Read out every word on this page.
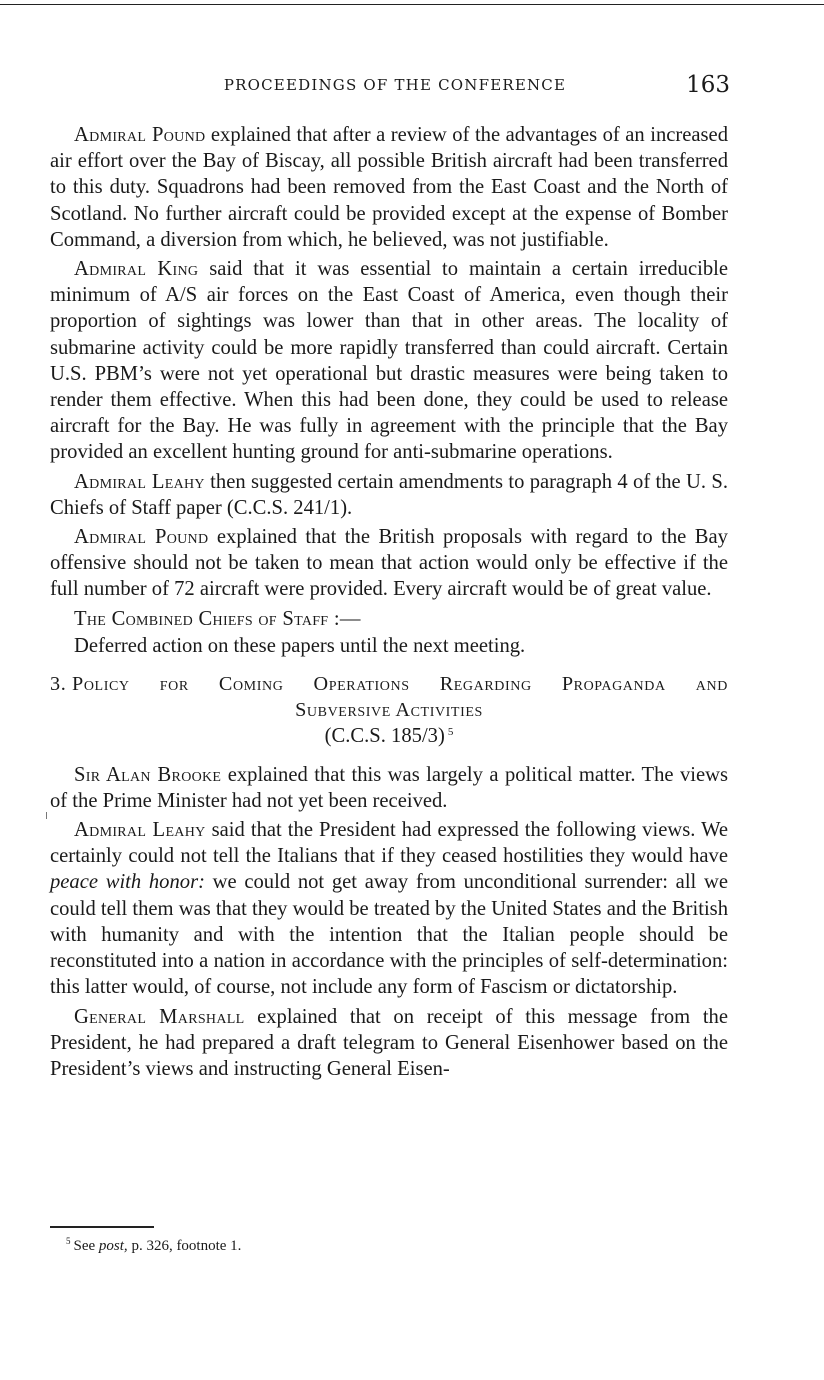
PROCEEDINGS OF THE CONFERENCE	163

Admiral Pound explained that after a review of the advantages of an increased air effort over the Bay of Biscay, all possible British aircraft had been transferred to this duty. Squadrons had been removed from the East Coast and the North of Scotland. No further aircraft could be provided except at the expense of Bomber Command, a diversion from which, he believed, was not justifiable.

Admiral King said that it was essential to maintain a certain irreducible minimum of A/S air forces on the East Coast of America, even though their proportion of sightings was lower than that in other areas. The locality of submarine activity could be more rapidly transferred than could aircraft. Certain U.S. PBM’s were not yet operational but drastic measures were being taken to render them effective. When this had been done, they could be used to release aircraft for the Bay. He was fully in agreement with the principle that the Bay provided an excellent hunting ground for anti-submarine operations.

Admiral Leahy then suggested certain amendments to paragraph 4 of the U. S. Chiefs of Staff paper (C.C.S. 241/1).

Admiral Pound explained that the British proposals with regard to the Bay offensive should not be taken to mean that action would only be effective if the full number of 72 aircraft were provided. Every aircraft would be of great value.

The Combined Chiefs of Staff :—

Deferred action on these papers until the next meeting.

3. Policy for Coming Operations Regarding Propaganda and
Subversive Activities
(C.C.S. 185/3) $^5$

Sir Alan Brooke explained that this was largely a political matter. The views of the Prime Minister had not yet been received.

Admiral Leahy said that the President had expressed the following views. We certainly could not tell the Italians that if they ceased hostilities they would have peace with honor: we could not get away from unconditional surrender: all we could tell them was that they would be treated by the United States and the British with humanity and with the intention that the Italian people should be reconstituted into a nation in accordance with the principles of self-determination: this latter would, of course, not include any form of Fascism or dictatorship.

General Marshall explained that on receipt of this message from the President, he had prepared a draft telegram to General Eisenhower based on the President’s views and instructing General Eisen-

$^5$ See post, p. 326, footnote 1.
